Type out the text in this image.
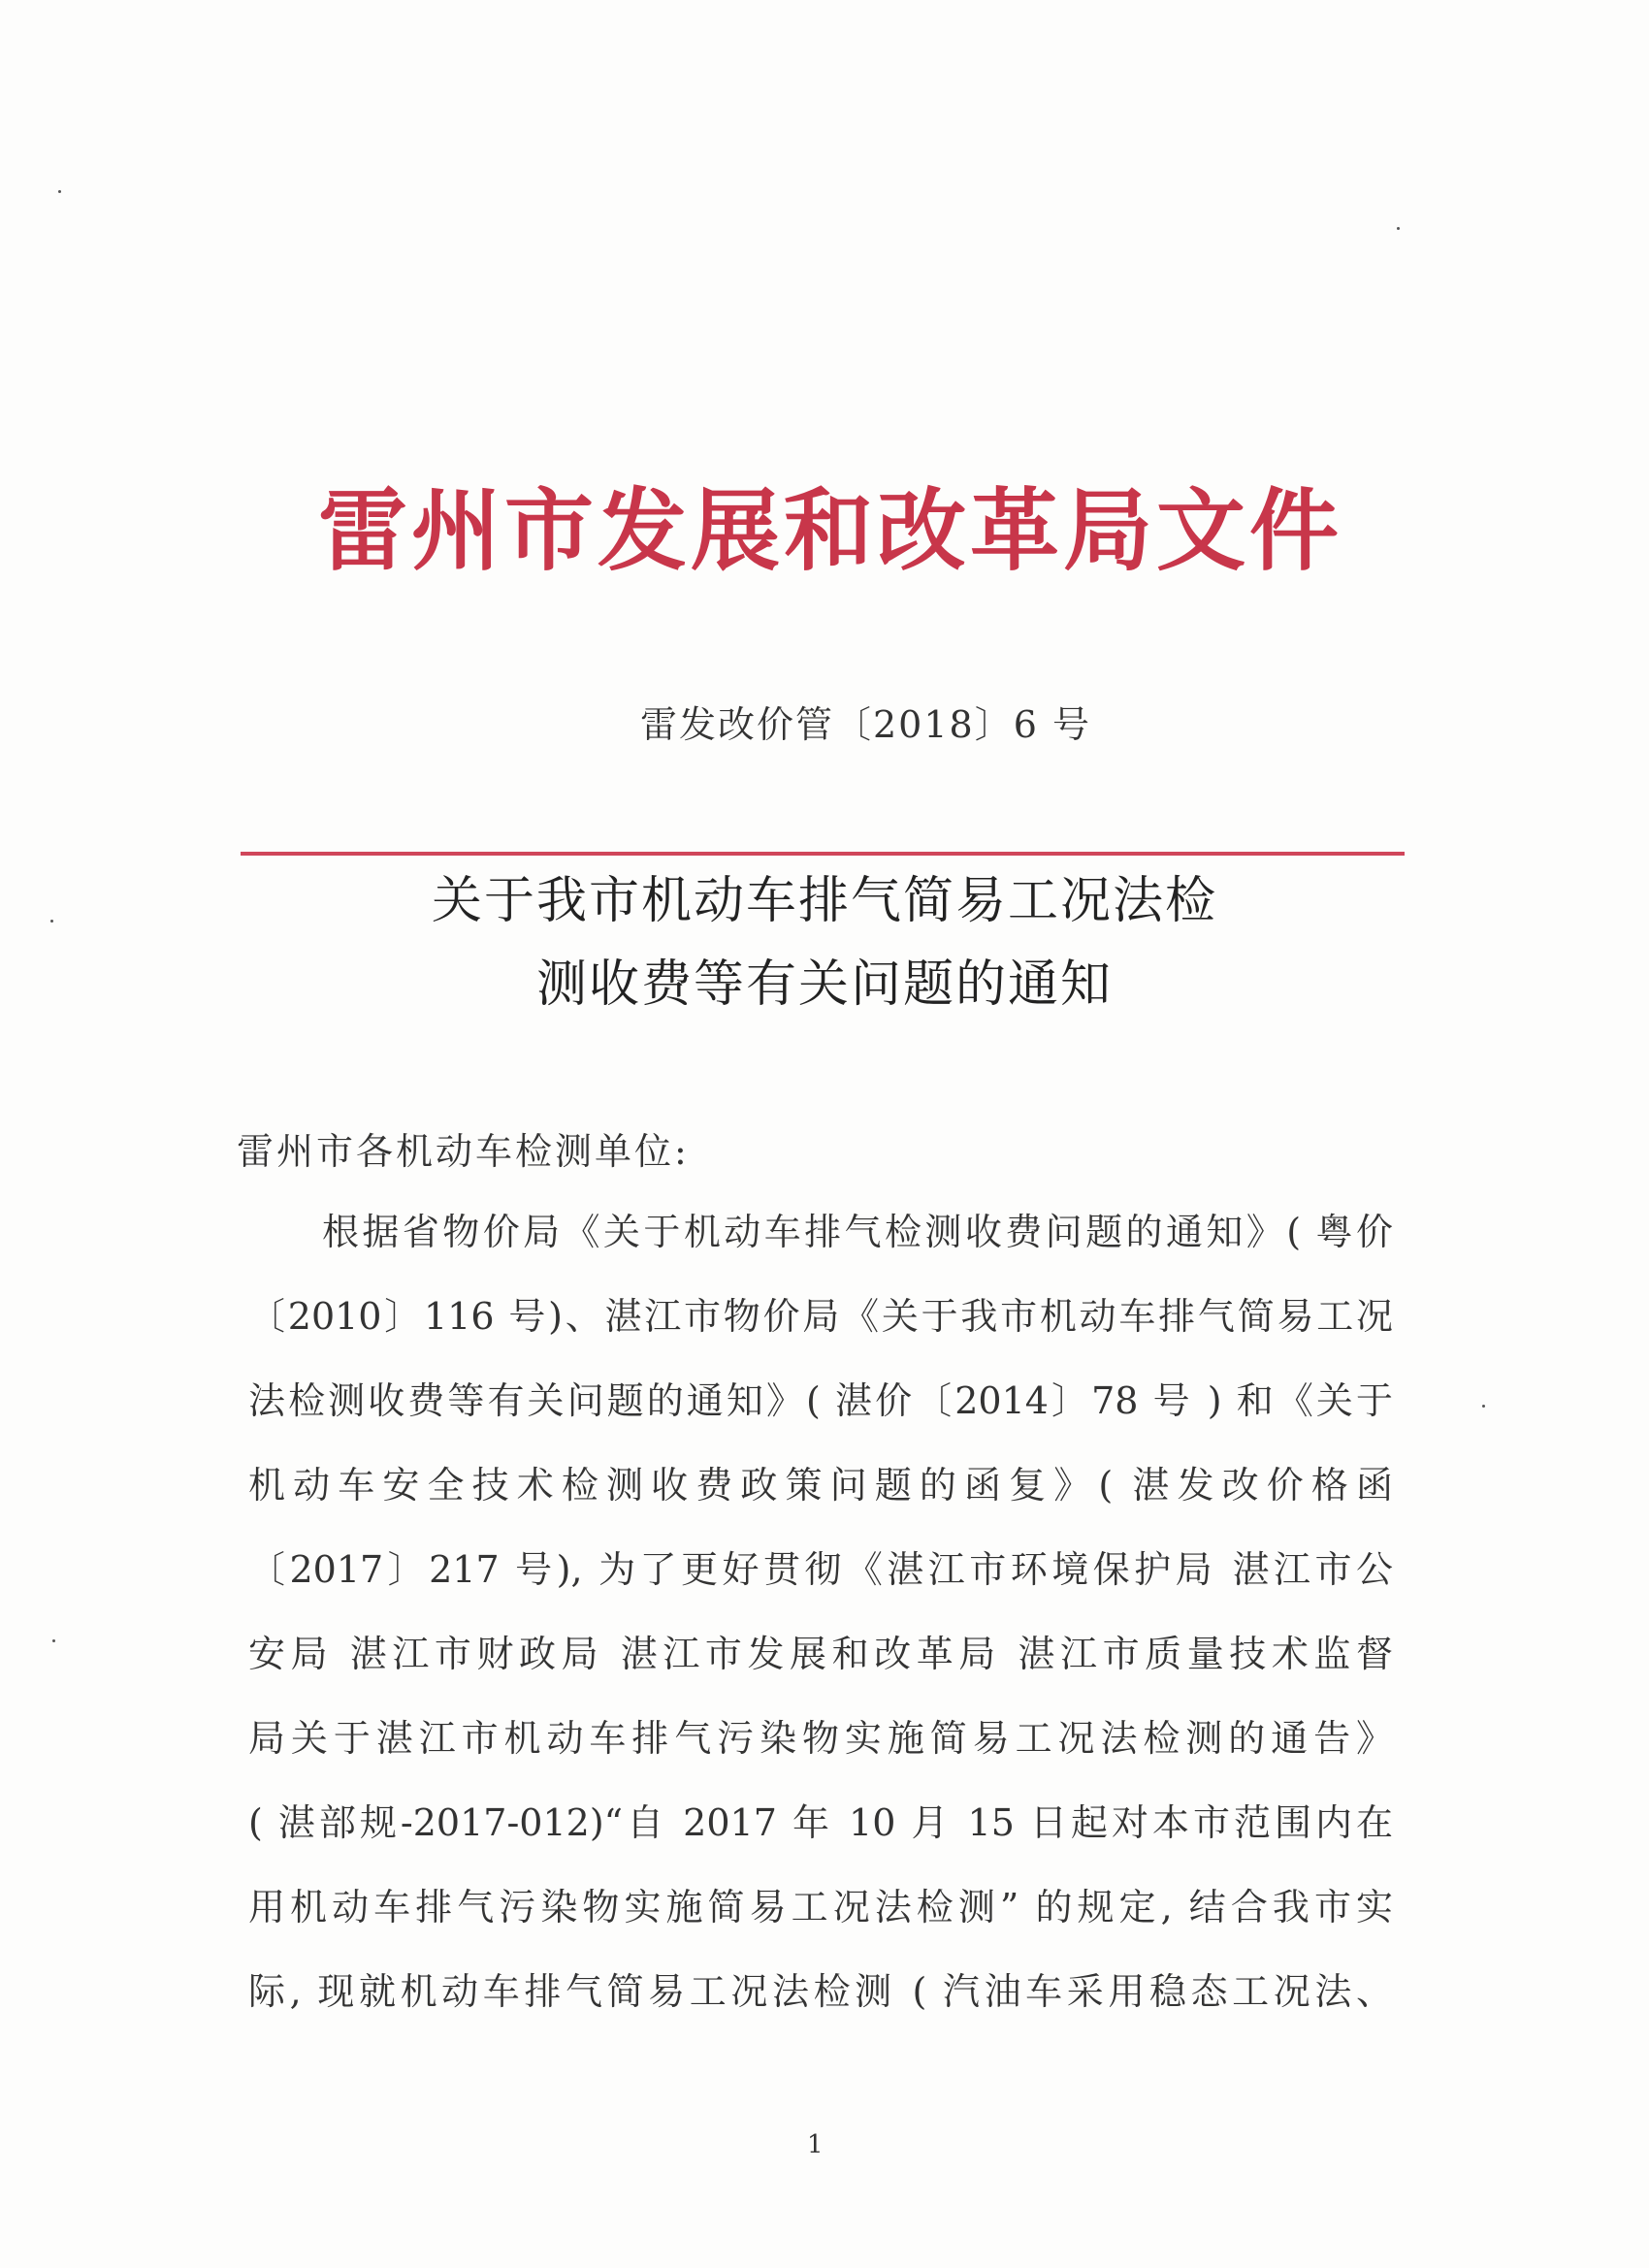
雷州市发展和改革局文件
雷发改价管〔2018〕6 号
关于我市机动车排气简易工况法检
测收费等有关问题的通知
雷州市各机动车检测单位:
根据省物价局《关于机动车排气检测收费问题的通知》( 粤价
〔2010〕116 号)、湛江市物价局《关于我市机动车排气简易工况
法检测收费等有关问题的通知》( 湛价〔2014〕78 号 ) 和《关于
机动车安全技术检测收费政策问题的函复》( 湛发改价格函
〔2017〕217 号), 为了更好贯彻《湛江市环境保护局 湛江市公
安局 湛江市财政局 湛江市发展和改革局 湛江市质量技术监督
局关于湛江市机动车排气污染物实施简易工况法检测的通告》
( 湛部规-2017-012)“自 2017 年 10 月 15 日起对本市范围内在
用机动车排气污染物实施简易工况法检测” 的规定, 结合我市实
际, 现就机动车排气简易工况法检测 ( 汽油车采用稳态工况法、
1
